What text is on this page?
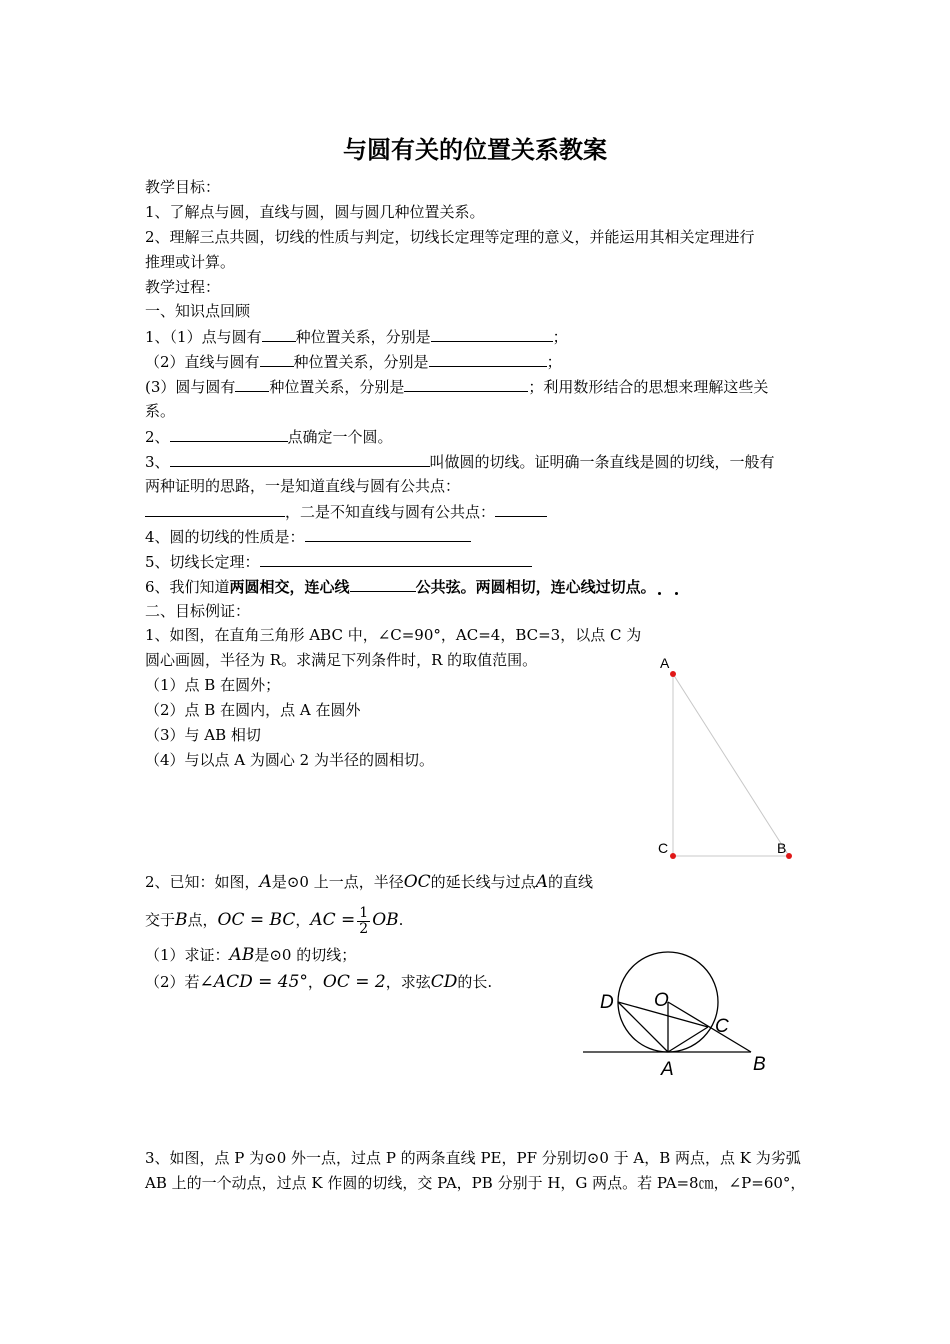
与圆有关的位置关系教案
教学目标：
1、了解点与圆，直线与圆，圆与圆几种位置关系。
2、理解三点共圆，切线的性质与判定，切线长定理等定理的意义，并能运用其相关定理进行
推理或计算。
教学过程：
一、知识点回顾
1、（1）点与圆有 种位置关系，分别是	；
（2）直线与圆有 种位置关系，分别是	；
(3）圆与圆有 种位置关系，分别是	；利用数形结合的思想来理解这些关
系。
2、	点确定一个圆。
3、	叫做圆的切线。证明确一条直线是圆的切线，一般有
两种证明的思路，一是知道直线与圆有公共点：
，二是不知直线与圆有公共点：
4、圆的切线的性质是：
5、切线长定理：
6、我们知道两圆相交，连心线	公共弦。两圆相切，连心线过切点。
二、目标例证：
1、如图，在直角三角形 ABC 中，∠C=90°，AC=4，BC=3，以点 C 为
圆心画圆，半径为 R。求满足下列条件时，R 的取值范围。
（1）点 B 在圆外；
（2）点 B 在圆内，点 A 在圆外
（3）与 AB 相切
（4）与以点 A 为圆心 2 为半径的圆相切。
A
C	B
2、已知：如图，A是⊙0 上一点，半径OC的延长线与过点A的直线
交于B点，OC = BC，AC = $\frac{1}{2}$ OB.
（1）求证：AB是⊙0 的切线；
（2）若∠ACD = 45°，OC = 2，求弦CD的长.
D O
C
A	B
3、如图，点 P 为⊙0 外一点，过点 P 的两条直线 PE，PF 分别切⊙0 于 A，B 两点，点 K 为劣弧
AB 上的一个动点，过点 K 作圆的切线，交 PA，PB 分别于 H，G 两点。若 PA=8㎝，∠P=60°，
